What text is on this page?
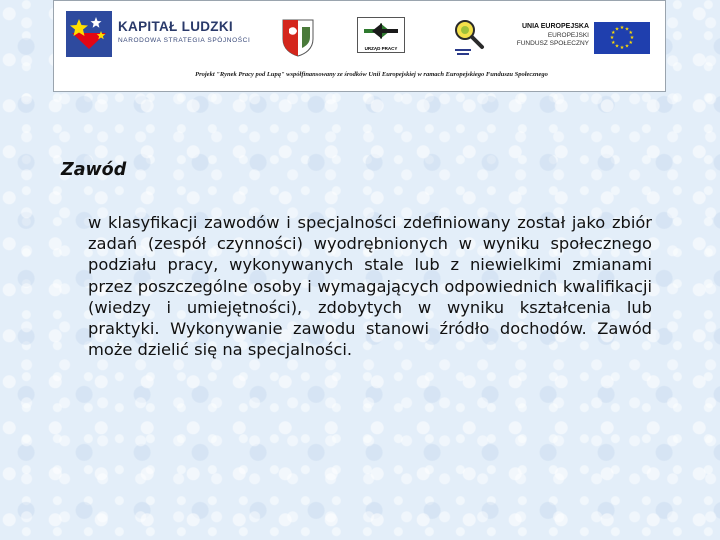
KAPITAŁ LUDZKI
NARODOWA STRATEGIA SPÓJNOŚCI
URZĄD PRACY
UNIA EUROPEJSKA
EUROPEJSKI
FUNDUSZ SPOŁECZNY
★ ★
★
★
★
★
★
★
★
★
★
★
Projekt "Rynek Pracy pod Lupą" współfinansowany ze środków Unii Europejskiej w ramach Europejskiego Funduszu Społecznego
Zawód

w klasyfikacji zawodów i specjalności zdefiniowany został jako zbiór zadań (zespół czynności) wyodrębnionych w wyniku społecznego podziału pracy, wykonywanych stale lub z niewielkimi zmianami przez poszczególne osoby i wymagających odpowiednich kwalifikacji (wiedzy i umiejętności), zdobytych w wyniku kształcenia lub praktyki. Wykonywanie zawodu stanowi źródło dochodów. Zawód może dzielić się na specjalności.
